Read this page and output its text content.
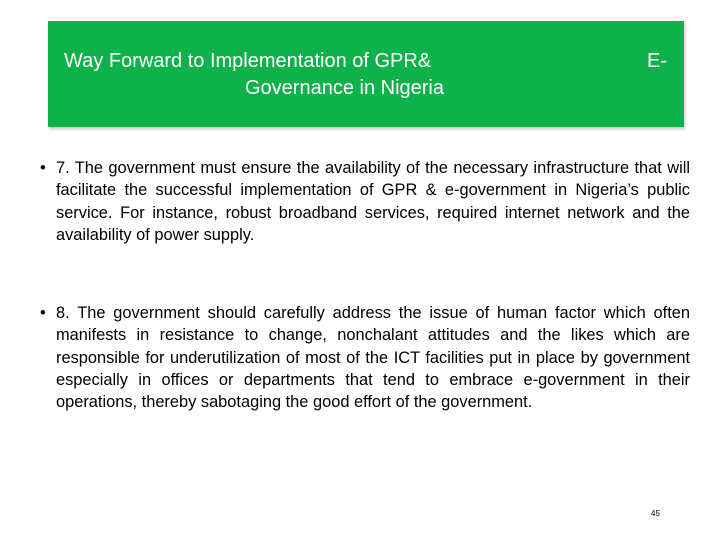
Way Forward to Implementation of GPR&	E-
Governance in Nigeria
• 7. The government must ensure the availability of the necessary infrastructure that will facilitate the successful implementation of GPR & e-government in Nigeria’s public service. For instance, robust broadband services, required internet network and the availability of power supply.
• 8. The government should carefully address the issue of human factor which often manifests in resistance to change, nonchalant attitudes and the likes which are responsible for underutilization of most of the ICT facilities put in place by government especially in offices or departments that tend to embrace e-government in their operations, thereby sabotaging the good effort of the government.
45
